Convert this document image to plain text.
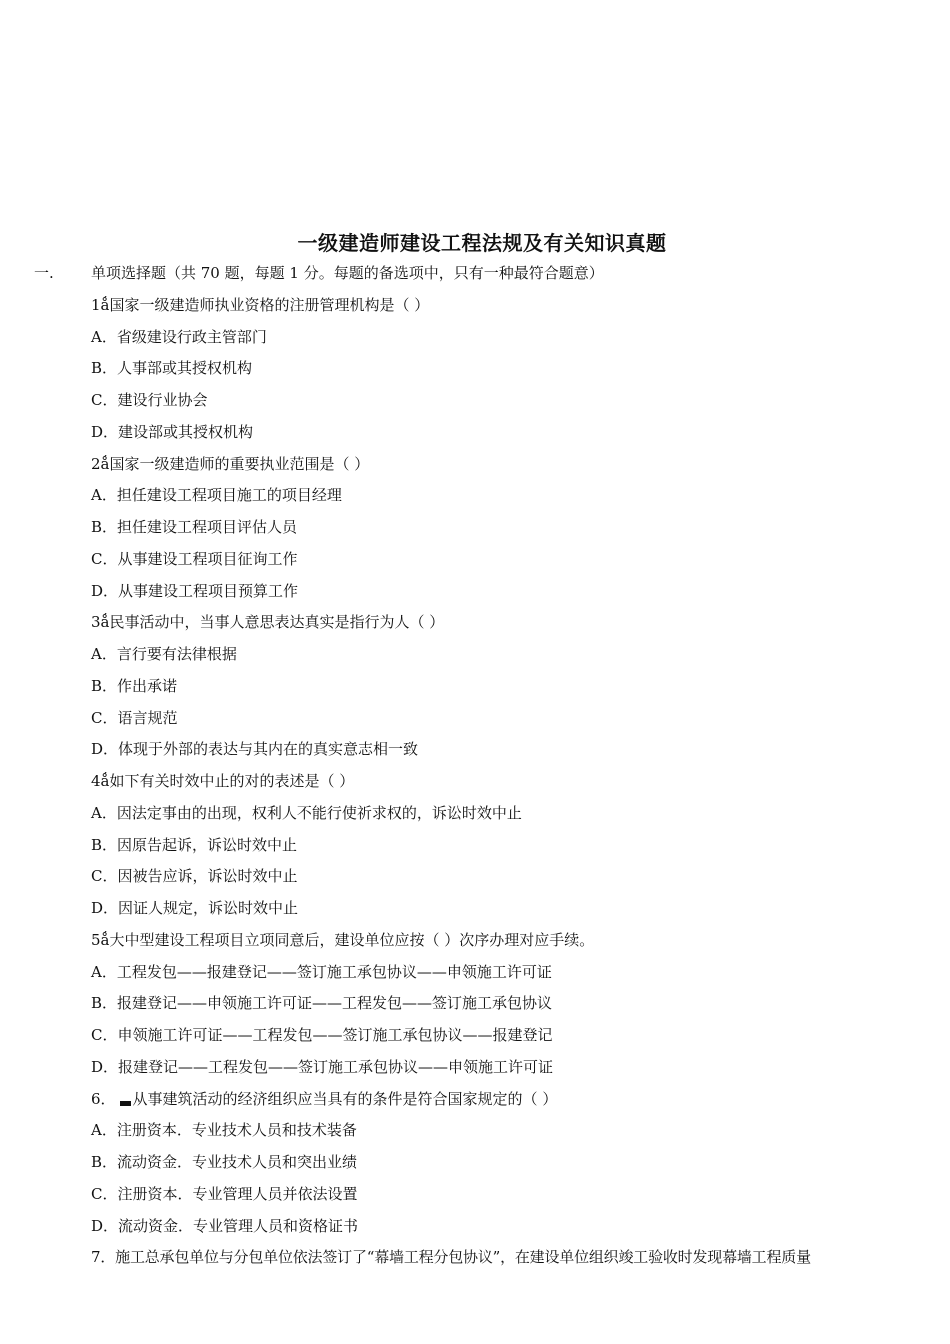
一级建造师建设工程法规及有关知识真题
一. 单项选择题（共 70 题，每题 1 分。每题的备选项中，只有一种最符合题意）
1ǻ国家一级建造师执业资格的注册管理机构是（ ）
A．省级建设行政主管部门
B．人事部或其授权机构
C．建设行业协会
D．建设部或其授权机构
2ǻ国家一级建造师的重要执业范围是（ ）
A．担任建设工程项目施工的项目经理
B．担任建设工程项目评估人员
C．从事建设工程项目征询工作
D．从事建设工程项目预算工作
3ǻ民事活动中，当事人意思表达真实是指行为人（ ）
A．言行要有法律根据
B．作出承诺
C．语言规范
D．体现于外部的表达与其内在的真实意志相一致
4ǻ如下有关时效中止的对的表述是（ ）
A．因法定事由的出现，权利人不能行使祈求权的，诉讼时效中止
B．因原告起诉，诉讼时效中止
C．因被告应诉，诉讼时效中止
D．因证人规定，诉讼时效中止
5ǻ大中型建设工程项目立项同意后，建设单位应按（ ）次序办理对应手续。
A．工程发包——报建登记——签订施工承包协议——申领施工许可证
B．报建登记——申领施工许可证——工程发包——签订施工承包协议
C．申领施工许可证——工程发包——签订施工承包协议——报建登记
D．报建登记——工程发包——签订施工承包协议——申领施工许可证
6． 从事建筑活动的经济组织应当具有的条件是符合国家规定的（ ）
A．注册资本．专业技术人员和技术装备
B．流动资金．专业技术人员和突出业绩
C．注册资本．专业管理人员并依法设置
D．流动资金．专业管理人员和资格证书
7．施工总承包单位与分包单位依法签订了“幕墙工程分包协议”，在建设单位组织竣工验收时发现幕墙工程质量
